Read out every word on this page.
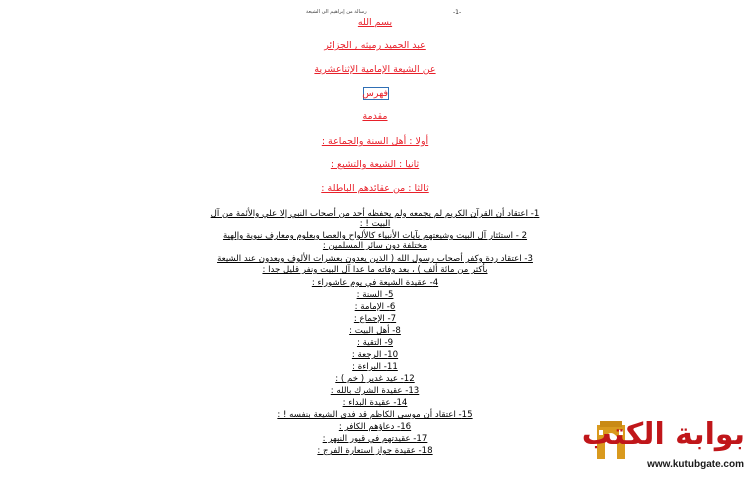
رسالة من إبراهيم الى الشيعة	-1-
بسم الله
عبد الحميد رميثه , الجزائر
عن الشيعة الإمامية الإثناعشرية
فهرس
مقدمة
أولا : أهل السنة والجماعة :
ثانيا : الشيعة والتشيع :
ثالثا : من عقائدهم الباطلة :
1- اعتقاد أن القرآن الكريم لم يجمعه ولم يحفظه أحد من أصحاب النبي إلا علي والأئمة من آل
البيت ! :
2 - استئثار آل البيت وشيعتهم بآيات الأنبياء كالألواح والعصا وبعلوم ومعارف نبوية وإلهية
مختلفة دون سائر المسلمين :
3- اعتقاد ردة وكفر أصحاب رسول الله ( الذين يعدون بعشرات الألوف ويعدون عند الشيعة
بأكثر من مائة ألف ) ، بعد وفاته ما عدا آل البيت ونفر قليل جدا :
4- عقيدة الشيعة في يوم عاشوراء :
5- السنة :
6- الإمامة :
7- الإجماع :
8- أهل البيت :
9- التقية :
10- الرجعة :
11- البراءة :
12- عيد غدير ( خم ) :
13- عقيدة الشرك بالله :
14- عقيدة البداء :
15- اعتقاد أن موسى الكاظم قد فدى الشيعة بنفسه ! :
16- دعاؤهم الكافر :
17- عقيدتهم في قبور النبهر :
18- عقيدة جواز استعارة الفرج :	بوابة الكتب
www.kutubgate.com
